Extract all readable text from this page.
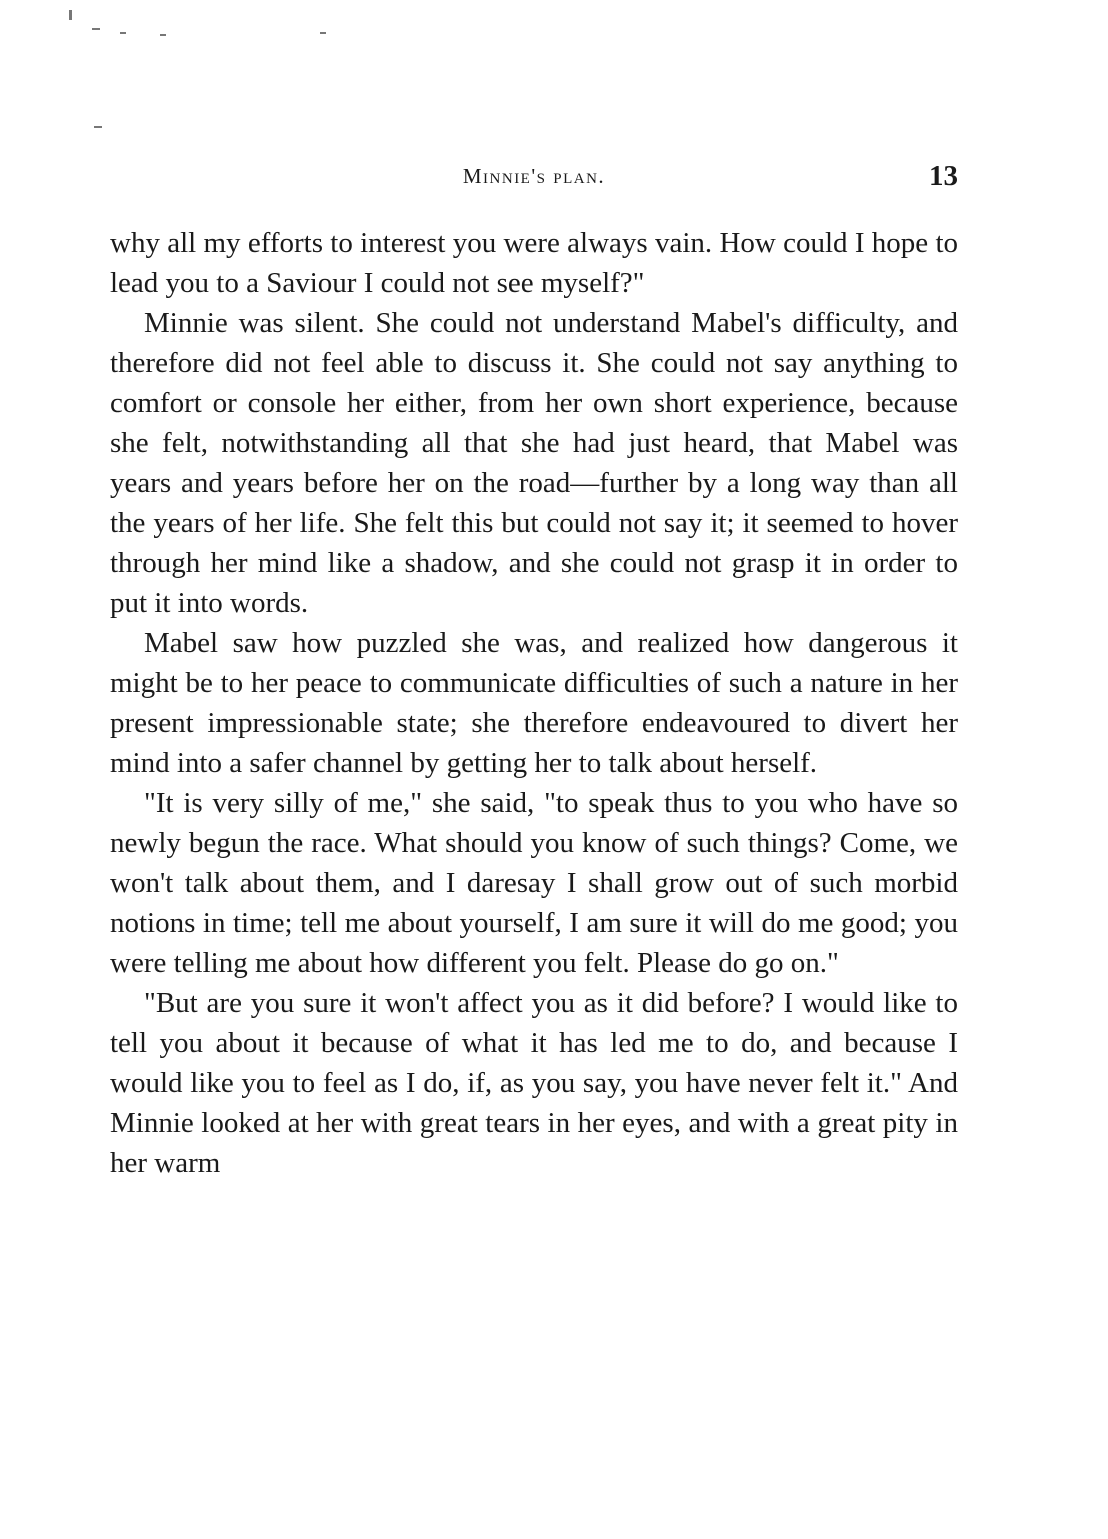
Minnie's plan.	13

why all my efforts to interest you were always vain. How could I hope to lead you to a Saviour I could not see myself?"

Minnie was silent. She could not understand Mabel's difficulty, and therefore did not feel able to discuss it. She could not say anything to comfort or console her either, from her own short experience, because she felt, notwithstanding all that she had just heard, that Mabel was years and years before her on the road—further by a long way than all the years of her life. She felt this but could not say it; it seemed to hover through her mind like a shadow, and she could not grasp it in order to put it into words.

Mabel saw how puzzled she was, and realized how dangerous it might be to her peace to communicate difficulties of such a nature in her present impressionable state; she therefore endeavoured to divert her mind into a safer channel by getting her to talk about herself.

"It is very silly of me," she said, "to speak thus to you who have so newly begun the race. What should you know of such things? Come, we won't talk about them, and I daresay I shall grow out of such morbid notions in time; tell me about yourself, I am sure it will do me good; you were telling me about how different you felt. Please do go on."

"But are you sure it won't affect you as it did before? I would like to tell you about it because of what it has led me to do, and because I would like you to feel as I do, if, as you say, you have never felt it." And Minnie looked at her with great tears in her eyes, and with a great pity in her warm
